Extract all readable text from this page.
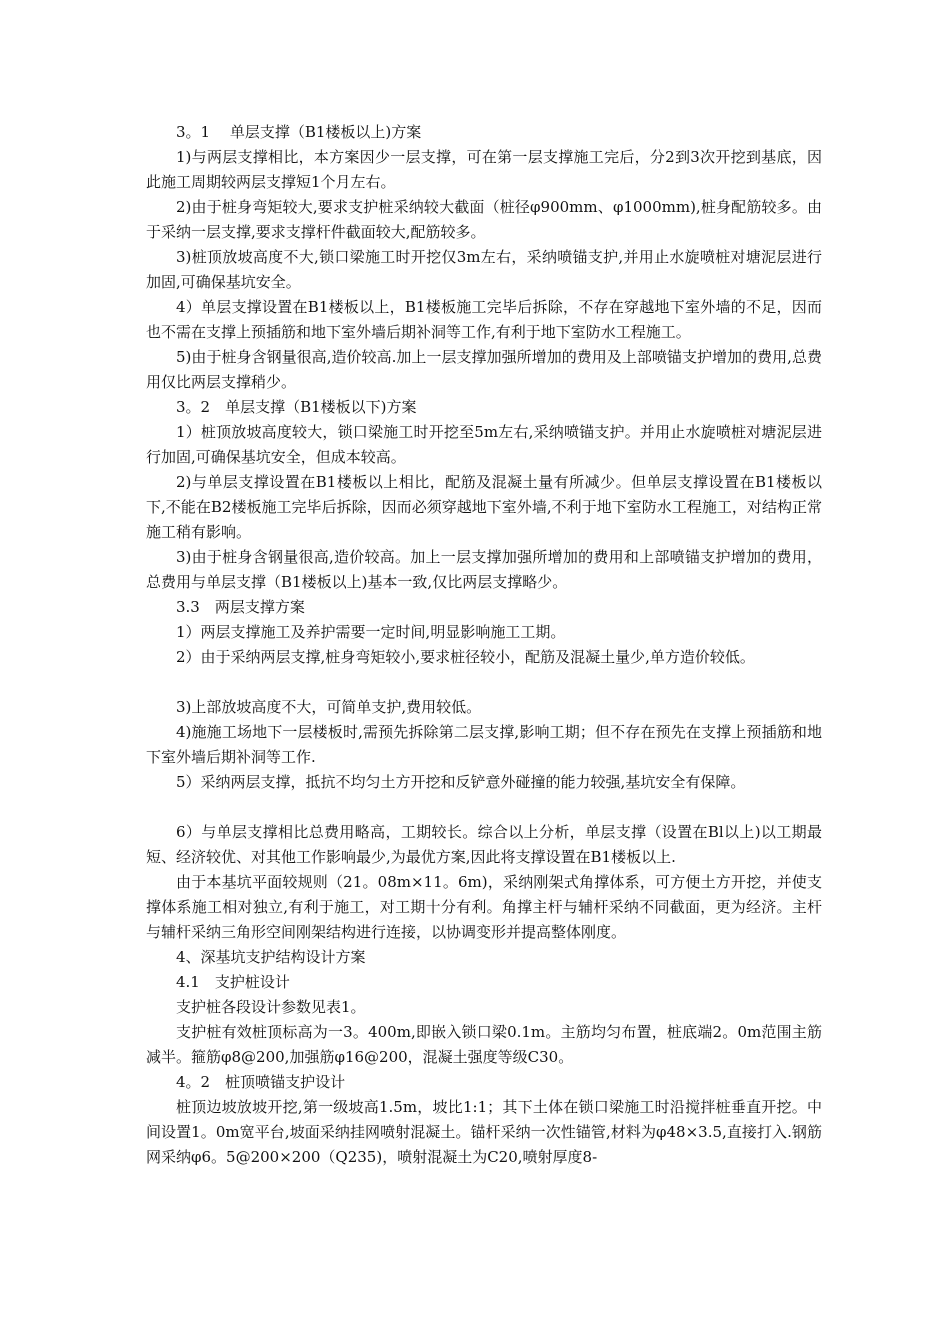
3。1　 单层支撑（B1楼板以上)方案

1)与两层支撑相比，本方案因少一层支撑，可在第一层支撑施工完后，分2到3次开挖到基底，因此施工周期较两层支撑短1个月左右。

2)由于桩身弯矩较大,要求支护桩采纳较大截面（桩径φ900mm、φ1000mm),桩身配筋较多。由于采纳一层支撑,要求支撑杆件截面较大,配筋较多。

3)桩顶放坡高度不大,锁口梁施工时开挖仅3m左右，采纳喷锚支护,并用止水旋喷桩对塘泥层进行加固,可确保基坑安全。

4）单层支撑设置在B1楼板以上，B1楼板施工完毕后拆除，不存在穿越地下室外墙的不足，因而也不需在支撑上预插筋和地下室外墙后期补洞等工作,有利于地下室防水工程施工。

5)由于桩身含钢量很高,造价较高.加上一层支撑加强所增加的费用及上部喷锚支护增加的费用,总费用仅比两层支撑稍少。

3。2　单层支撑（B1楼板以下)方案

1）桩顶放坡高度较大，锁口梁施工时开挖至5m左右,采纳喷锚支护。并用止水旋喷桩对塘泥层进行加固,可确保基坑安全，但成本较高。

2)与单层支撑设置在B1楼板以上相比，配筋及混凝土量有所减少。但单层支撑设置在B1楼板以下,不能在B2楼板施工完毕后拆除，因而必须穿越地下室外墙,不利于地下室防水工程施工，对结构正常施工稍有影响。

3)由于桩身含钢量很高,造价较高。加上一层支撑加强所增加的费用和上部喷锚支护增加的费用，总费用与单层支撑（B1楼板以上)基本一致,仅比两层支撑略少。

3.3　两层支撑方案

1）两层支撑施工及养护需要一定时间,明显影响施工工期。

2）由于采纳两层支撑,桩身弯矩较小,要求桩径较小，配筋及混凝土量少,单方造价较低。

3)上部放坡高度不大，可简单支护,费用较低。

4)施施工场地下一层楼板时,需预先拆除第二层支撑,影响工期；但不存在预先在支撑上预插筋和地下室外墙后期补洞等工作.

5）采纳两层支撑，抵抗不均匀土方开挖和反铲意外碰撞的能力较强,基坑安全有保障。

6）与单层支撑相比总费用略高，工期较长。综合以上分析，单层支撑（设置在Bl以上)以工期最短、经济较优、对其他工作影响最少,为最优方案,因此将支撑设置在B1楼板以上.

由于本基坑平面较规则（21。08m×11。6m)，采纳刚架式角撑体系，可方便土方开挖，并使支撑体系施工相对独立,有利于施工，对工期十分有利。角撑主杆与辅杆采纳不同截面，更为经济。主杆与辅杆采纳三角形空间刚架结构进行连接，以协调变形并提高整体刚度。

4、深基坑支护结构设计方案

4.1　支护桩设计

支护桩各段设计参数见表1。

支护桩有效桩顶标高为一3。400m,即嵌入锁口梁0.1m。主筋均匀布置，桩底端2。0m范围主筋减半。箍筋φ8@200,加强筋φ16@200，混凝土强度等级C30。

4。2　桩顶喷锚支护设计

桩顶边坡放坡开挖,第一级坡高1.5m，坡比1:1；其下土体在锁口梁施工时沿搅拌桩垂直开挖。中间设置1。0m宽平台,坡面采纳挂网喷射混凝土。锚杆采纳一次性锚管,材料为φ48×3.5,直接打入.钢筋网采纳φ6。5@200×200（Q235)，喷射混凝土为C20,喷射厚度8-
